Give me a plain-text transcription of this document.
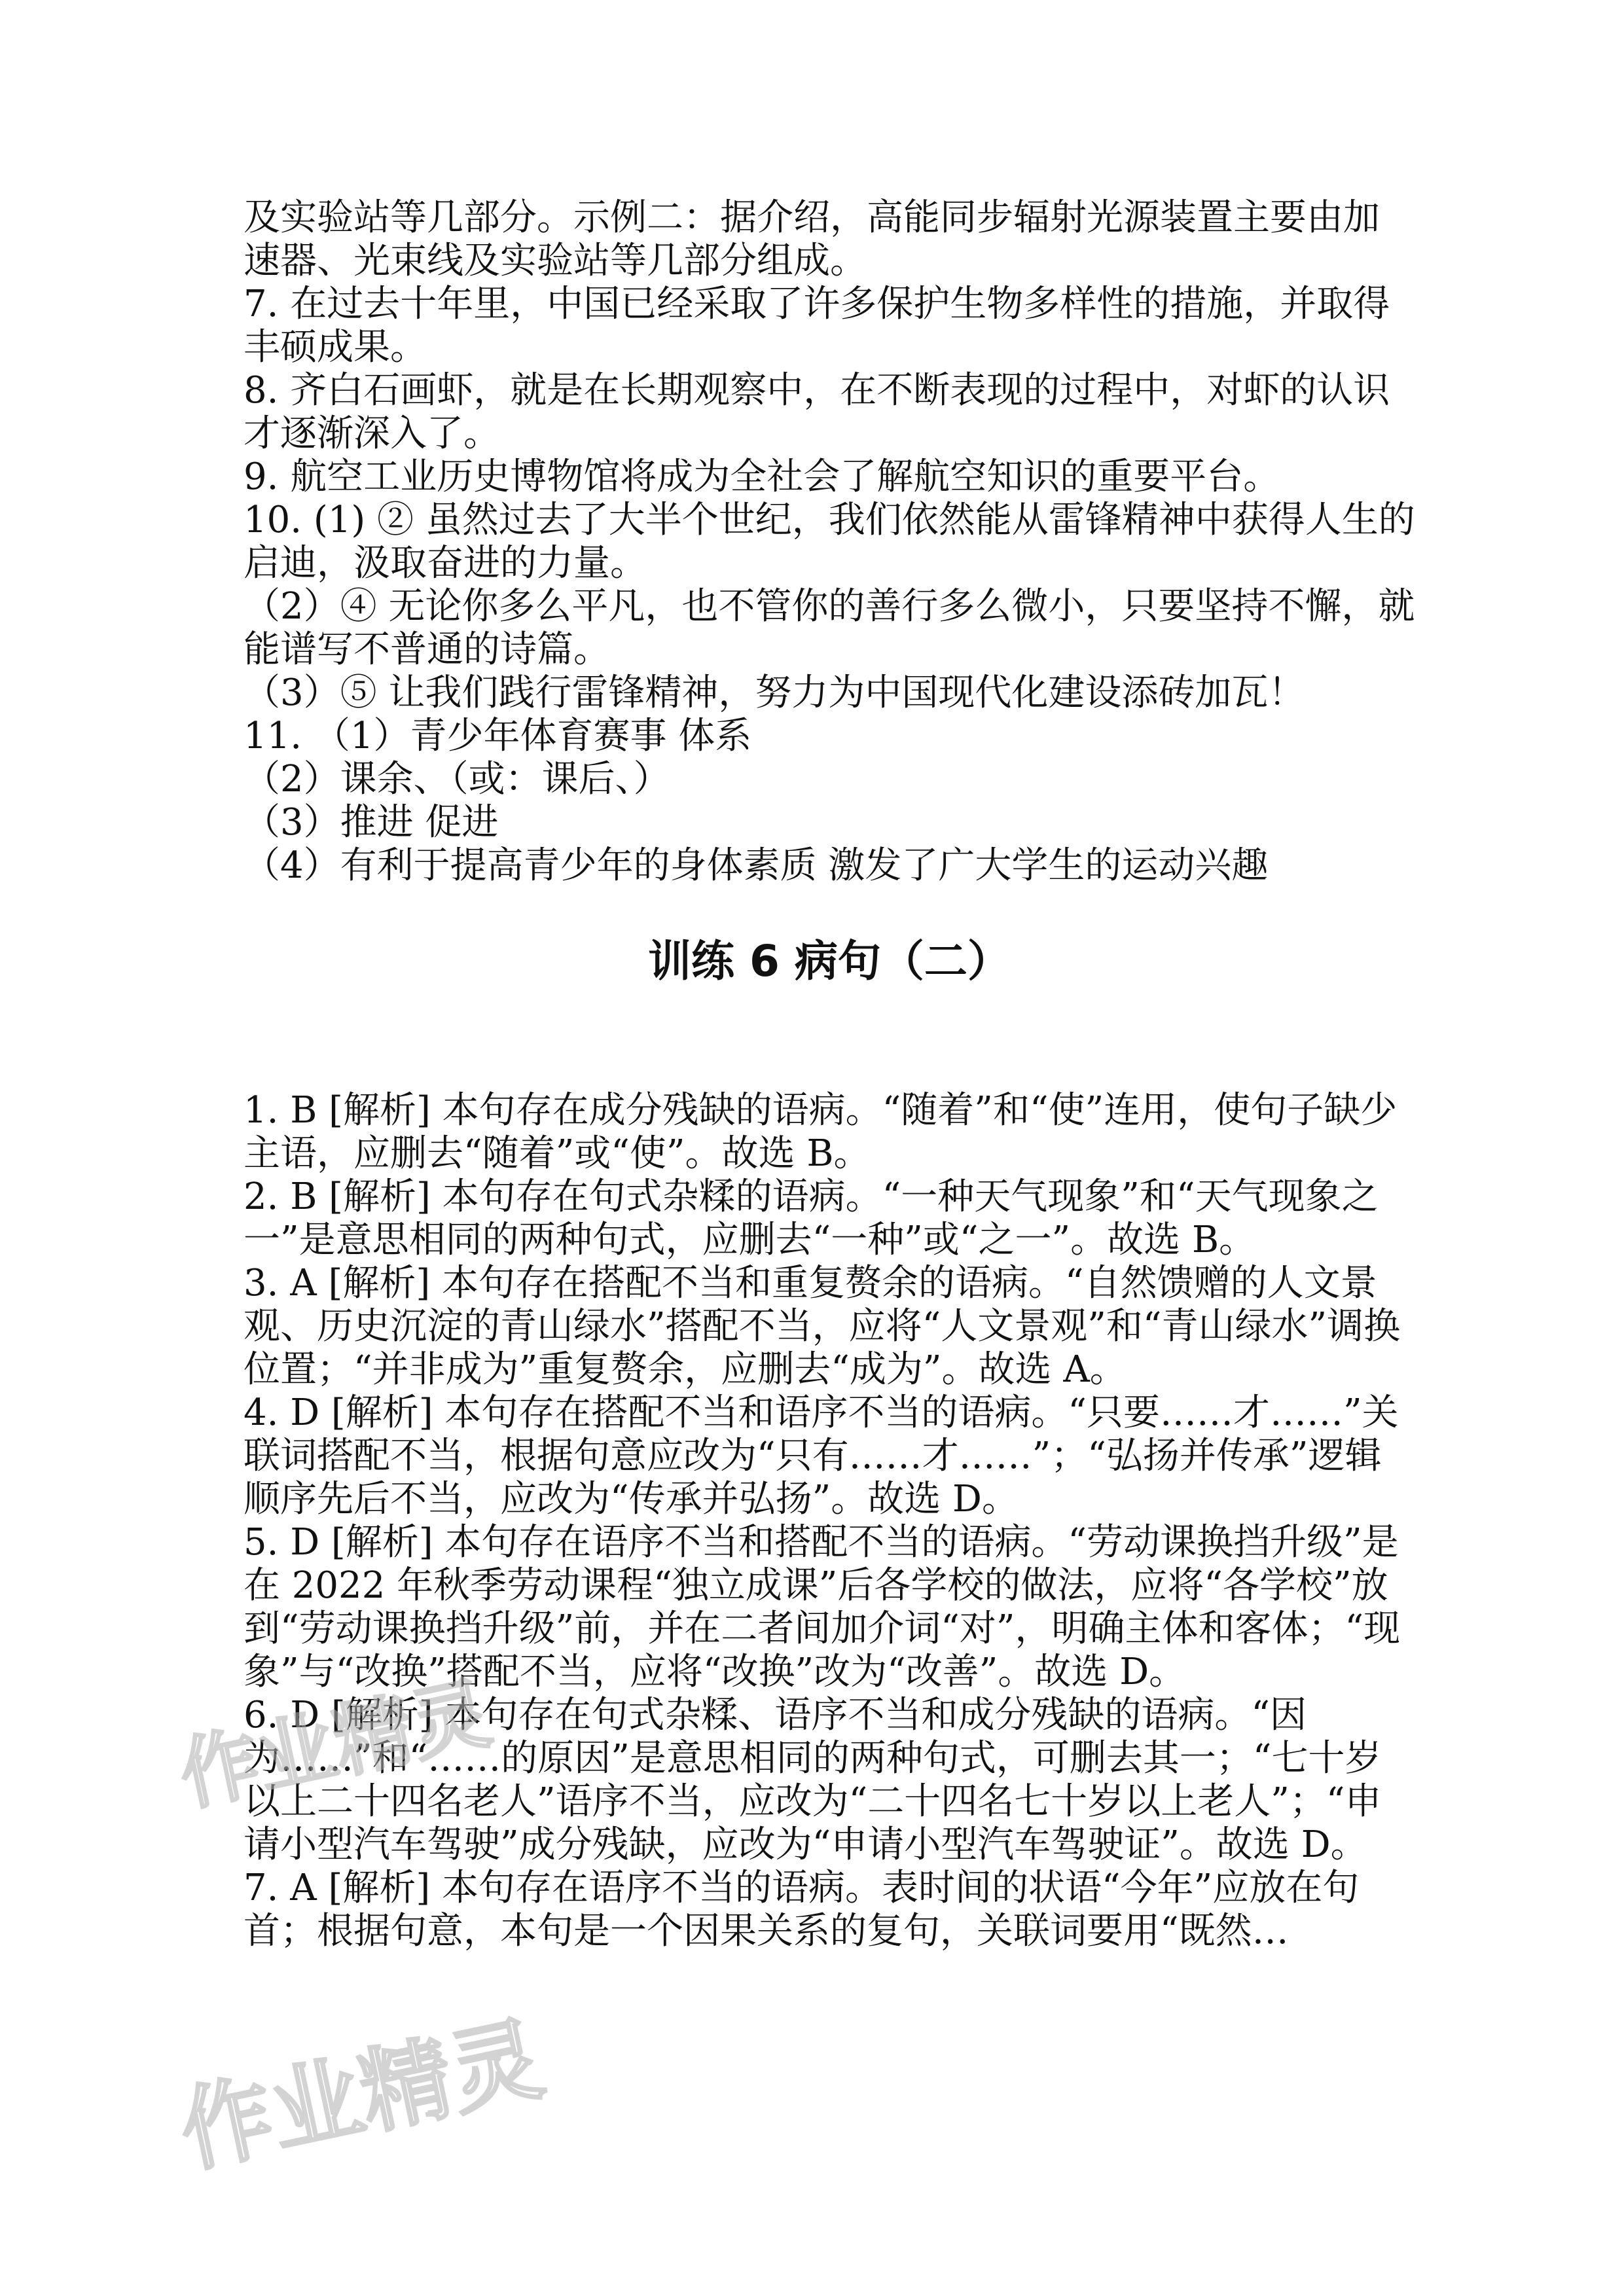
及实验站等几部分。示例二：据介绍，高能同步辐射光源装置主要由加速器、光束线及实验站等几部分组成。

7. 在过去十年里，中国已经采取了许多保护生物多样性的措施，并取得丰硕成果。

8. 齐白石画虾，就是在长期观察中，在不断表现的过程中，对虾的认识才逐渐深入了。

9. 航空工业历史博物馆将成为全社会了解航空知识的重要平台。

10. (1) ② 虽然过去了大半个世纪，我们依然能从雷锋精神中获得人生的启迪，汲取奋进的力量。

（2）④ 无论你多么平凡，也不管你的善行多么微小，只要坚持不懈，就能谱写不普通的诗篇。

（3）⑤ 让我们践行雷锋精神，努力为中国现代化建设添砖加瓦！

11. （1）青少年体育赛事 体系

（2）课余、（或：课后、）

（3）推进 促进

（4）有利于提高青少年的身体素质 激发了广大学生的运动兴趣

训练 6 病句（二）

1. B [解析] 本句存在成分残缺的语病。“随着”和“使”连用，使句子缺少主语，应删去“随着”或“使”。故选 B。

2. B [解析] 本句存在句式杂糅的语病。“一种天气现象”和“天气现象之一”是意思相同的两种句式，应删去“一种”或“之一”。故选 B。

3. A [解析] 本句存在搭配不当和重复赘余的语病。“自然馈赠的人文景观、历史沉淀的青山绿水”搭配不当，应将“人文景观”和“青山绿水”调换位置；“并非成为”重复赘余，应删去“成为”。故选 A。

4. D [解析] 本句存在搭配不当和语序不当的语病。“只要……才……”关联词搭配不当，根据句意应改为“只有……才……”；“弘扬并传承”逻辑顺序先后不当，应改为“传承并弘扬”。故选 D。

5. D [解析] 本句存在语序不当和搭配不当的语病。“劳动课换挡升级”是在 2022 年秋季劳动课程“独立成课”后各学校的做法，应将“各学校”放到“劳动课换挡升级”前，并在二者间加介词“对”，明确主体和客体；“现象”与“改换”搭配不当，应将“改换”改为“改善”。故选 D。

6. D [解析] 本句存在句式杂糅、语序不当和成分残缺的语病。“因为……”和“……的原因”是意思相同的两种句式，可删去其一；“七十岁以上二十四名老人”语序不当，应改为“二十四名七十岁以上老人”；“申请小型汽车驾驶”成分残缺，应改为“申请小型汽车驾驶证”。故选 D。

7. A [解析] 本句存在语序不当的语病。表时间的状语“今年”应放在句首；根据句意，本句是一个因果关系的复句，关联词要用“既然…

作业精灵
作业精灵
